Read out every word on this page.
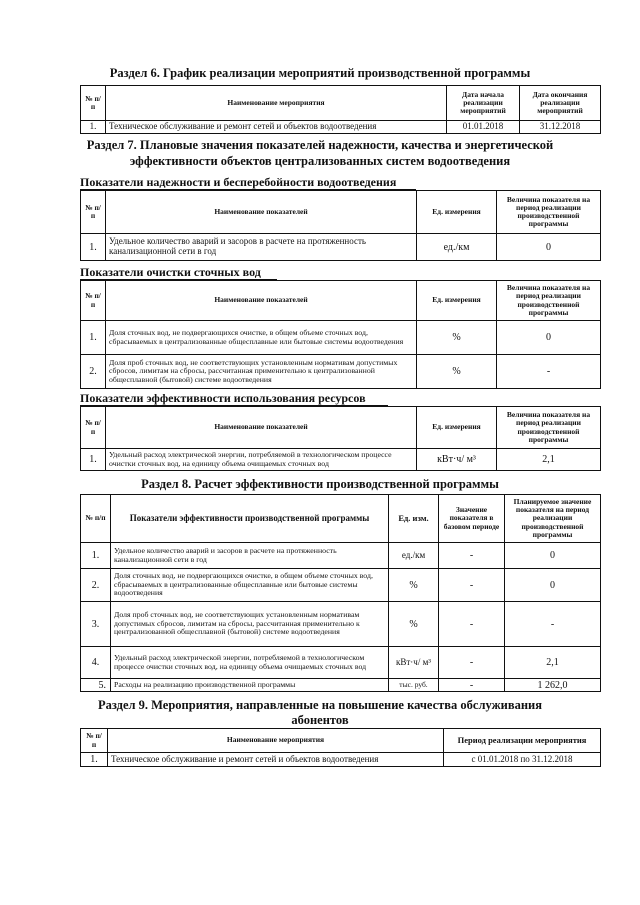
Раздел 6. График реализации мероприятий производственной программы
№ п/п	Наименование мероприятия	Дата начала реализации мероприятий	Дата окончания реализации мероприятий
1.	Техническое обслуживание и ремонт сетей и объектов водоотведения	01.01.2018	31.12.2018
Раздел 7. Плановые значения показателей надежности, качества и энергетической
эффективности объектов централизованных систем водоотведения
Показатели надежности и бесперебойности водоотведения
№ п/п	Наименование показателей	Ед. измерения	Величина показателя на период реализации производственной программы
1.	Удельное количество аварий и засоров в расчете на протяженность канализационной сети в год	ед./км	0
Показатели очистки сточных вод
№ п/п	Наименование показателей	Ед. измерения	Величина показателя на период реализации производственной программы
1.	Доля сточных вод, не подвергающихся очистке, в общем объеме сточных вод, сбрасываемых в централизованные общесплавные или бытовые системы водоотведения	%	0
2.	Доля проб сточных вод, не соответствующих установленным нормативам допустимых сбросов, лимитам на сбросы, рассчитанная применительно к централизованной общесплавной (бытовой) системе водоотведения	%	-
Показатели эффективности использования ресурсов
№ п/п	Наименование показателей	Ед. измерения	Величина показателя на период реализации производственной программы
1.	Удельный расход электрической энергии, потребляемой в технологическом процессе очистки сточных вод, на единицу объема очищаемых сточных вод	кВт·ч/ м³	2,1
Раздел 8. Расчет эффективности производственной программы
№ п/п	Показатели эффективности производственной программы	Ед. изм.	Значение показателя в базовом периоде	Планируемое значение показателя на период реализации производственной программы
1.	Удельное количество аварий и засоров в расчете на протяженность канализационной сети в год	ед./км	-	0
2.	Доля сточных вод, не подвергающихся очистке, в общем объеме сточных вод, сбрасываемых в централизованные общесплавные или бытовые системы водоотведения	%	-	0
3.	Доля проб сточных вод, не соответствующих установленным нормативам допустимых сбросов, лимитам на сбросы, рассчитанная применительно к централизованной общесплавной (бытовой) системе водоотведения	%	-	-
4.	Удельный расход электрической энергии, потребляемой в технологическом процессе очистки сточных вод, на единицу объема очищаемых сточных вод	кВт·ч/ м³	-	2,1
5.	Расходы на реализацию производственной программы	тыс. руб.	-	1 262,0
Раздел 9. Мероприятия, направленные на повышение качества обслуживания
абонентов
№ п/п	Наименование мероприятия	Период реализации мероприятия
1.	Техническое обслуживание и ремонт сетей и объектов водоотведения	с 01.01.2018 по 31.12.2018
